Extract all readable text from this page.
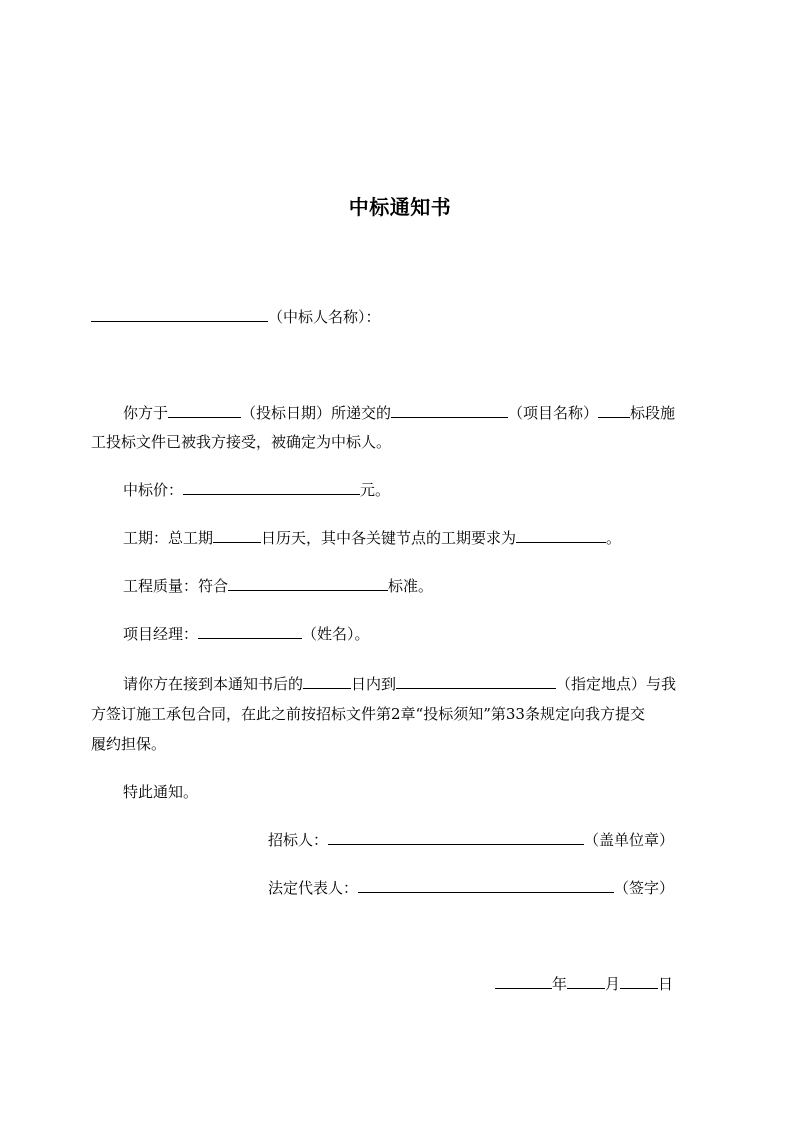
中标通知书
（中标人名称）：
你方于	（投标日期）所递交的	（项目名称） 标段施
工投标文件已被我方接受，被确定为中标人。
中标价：	元。
工期：总工期	日历天，其中各关键节点的工期要求为	。
工程质量：符合	标准。
项目经理：	（姓名）。
请你方在接到本通知书后的	日内到	（指定地点）与我
方签订施工承包合同，在此之前按招标文件第2章“投标须知”第33条规定向我方提交
履约担保。
特此通知。
招标人：	（盖单位章）
法定代表人：	（签字）
年	月	日
